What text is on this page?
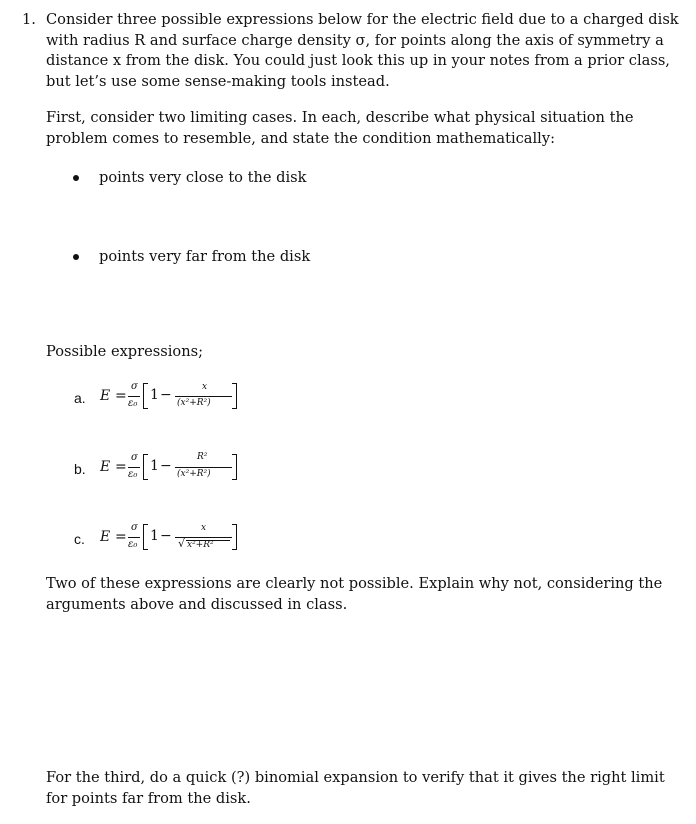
1. Consider three possible expressions below for the electric field due to a charged disk with radius R and surface charge density σ, for points along the axis of symmetry a distance x from the disk. You could just look this up in your notes from a prior class, but let’s use some sense-making tools instead.
First, consider two limiting cases. In each, describe what physical situation the problem comes to resemble, and state the condition mathematically:
points very close to the disk
points very far from the disk
Possible expressions;
a. E =
σ
ε₀
1 −	x
(x²+R²)
b. E =
σ
ε₀
1 −
R²
(x²+R²)
c. E =
σ
ε₀
1 −	x
√ x²+R²
Two of these expressions are clearly not possible. Explain why not, considering the arguments above and discussed in class.
For the third, do a quick (?) binomial expansion to verify that it gives the right limit for points far from the disk.
